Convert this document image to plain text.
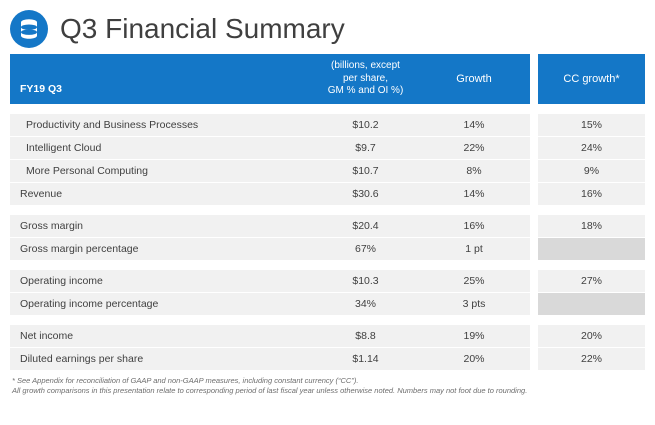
Q3 Financial Summary
FY19 Q3	(billions, except
per share,
GM % and OI %)	Growth		CC growth*

Productivity and Business Processes	$10.2	14%		15%
Intelligent Cloud	$9.7	22%		24%
More Personal Computing	$10.7	8%		9%
Revenue	$30.6	14%		16%

Gross margin	$20.4	16%		18%
Gross margin percentage	67%	1 pt		

Operating income	$10.3	25%		27%
Operating income percentage	34%	3 pts		

Net income	$8.8	19%		20%
Diluted earnings per share	$1.14	20%		22%
* See Appendix for reconciliation of GAAP and non-GAAP measures, including constant currency (“CC”).
All growth comparisons in this presentation relate to corresponding period of last fiscal year unless otherwise noted. Numbers may not foot due to rounding.
